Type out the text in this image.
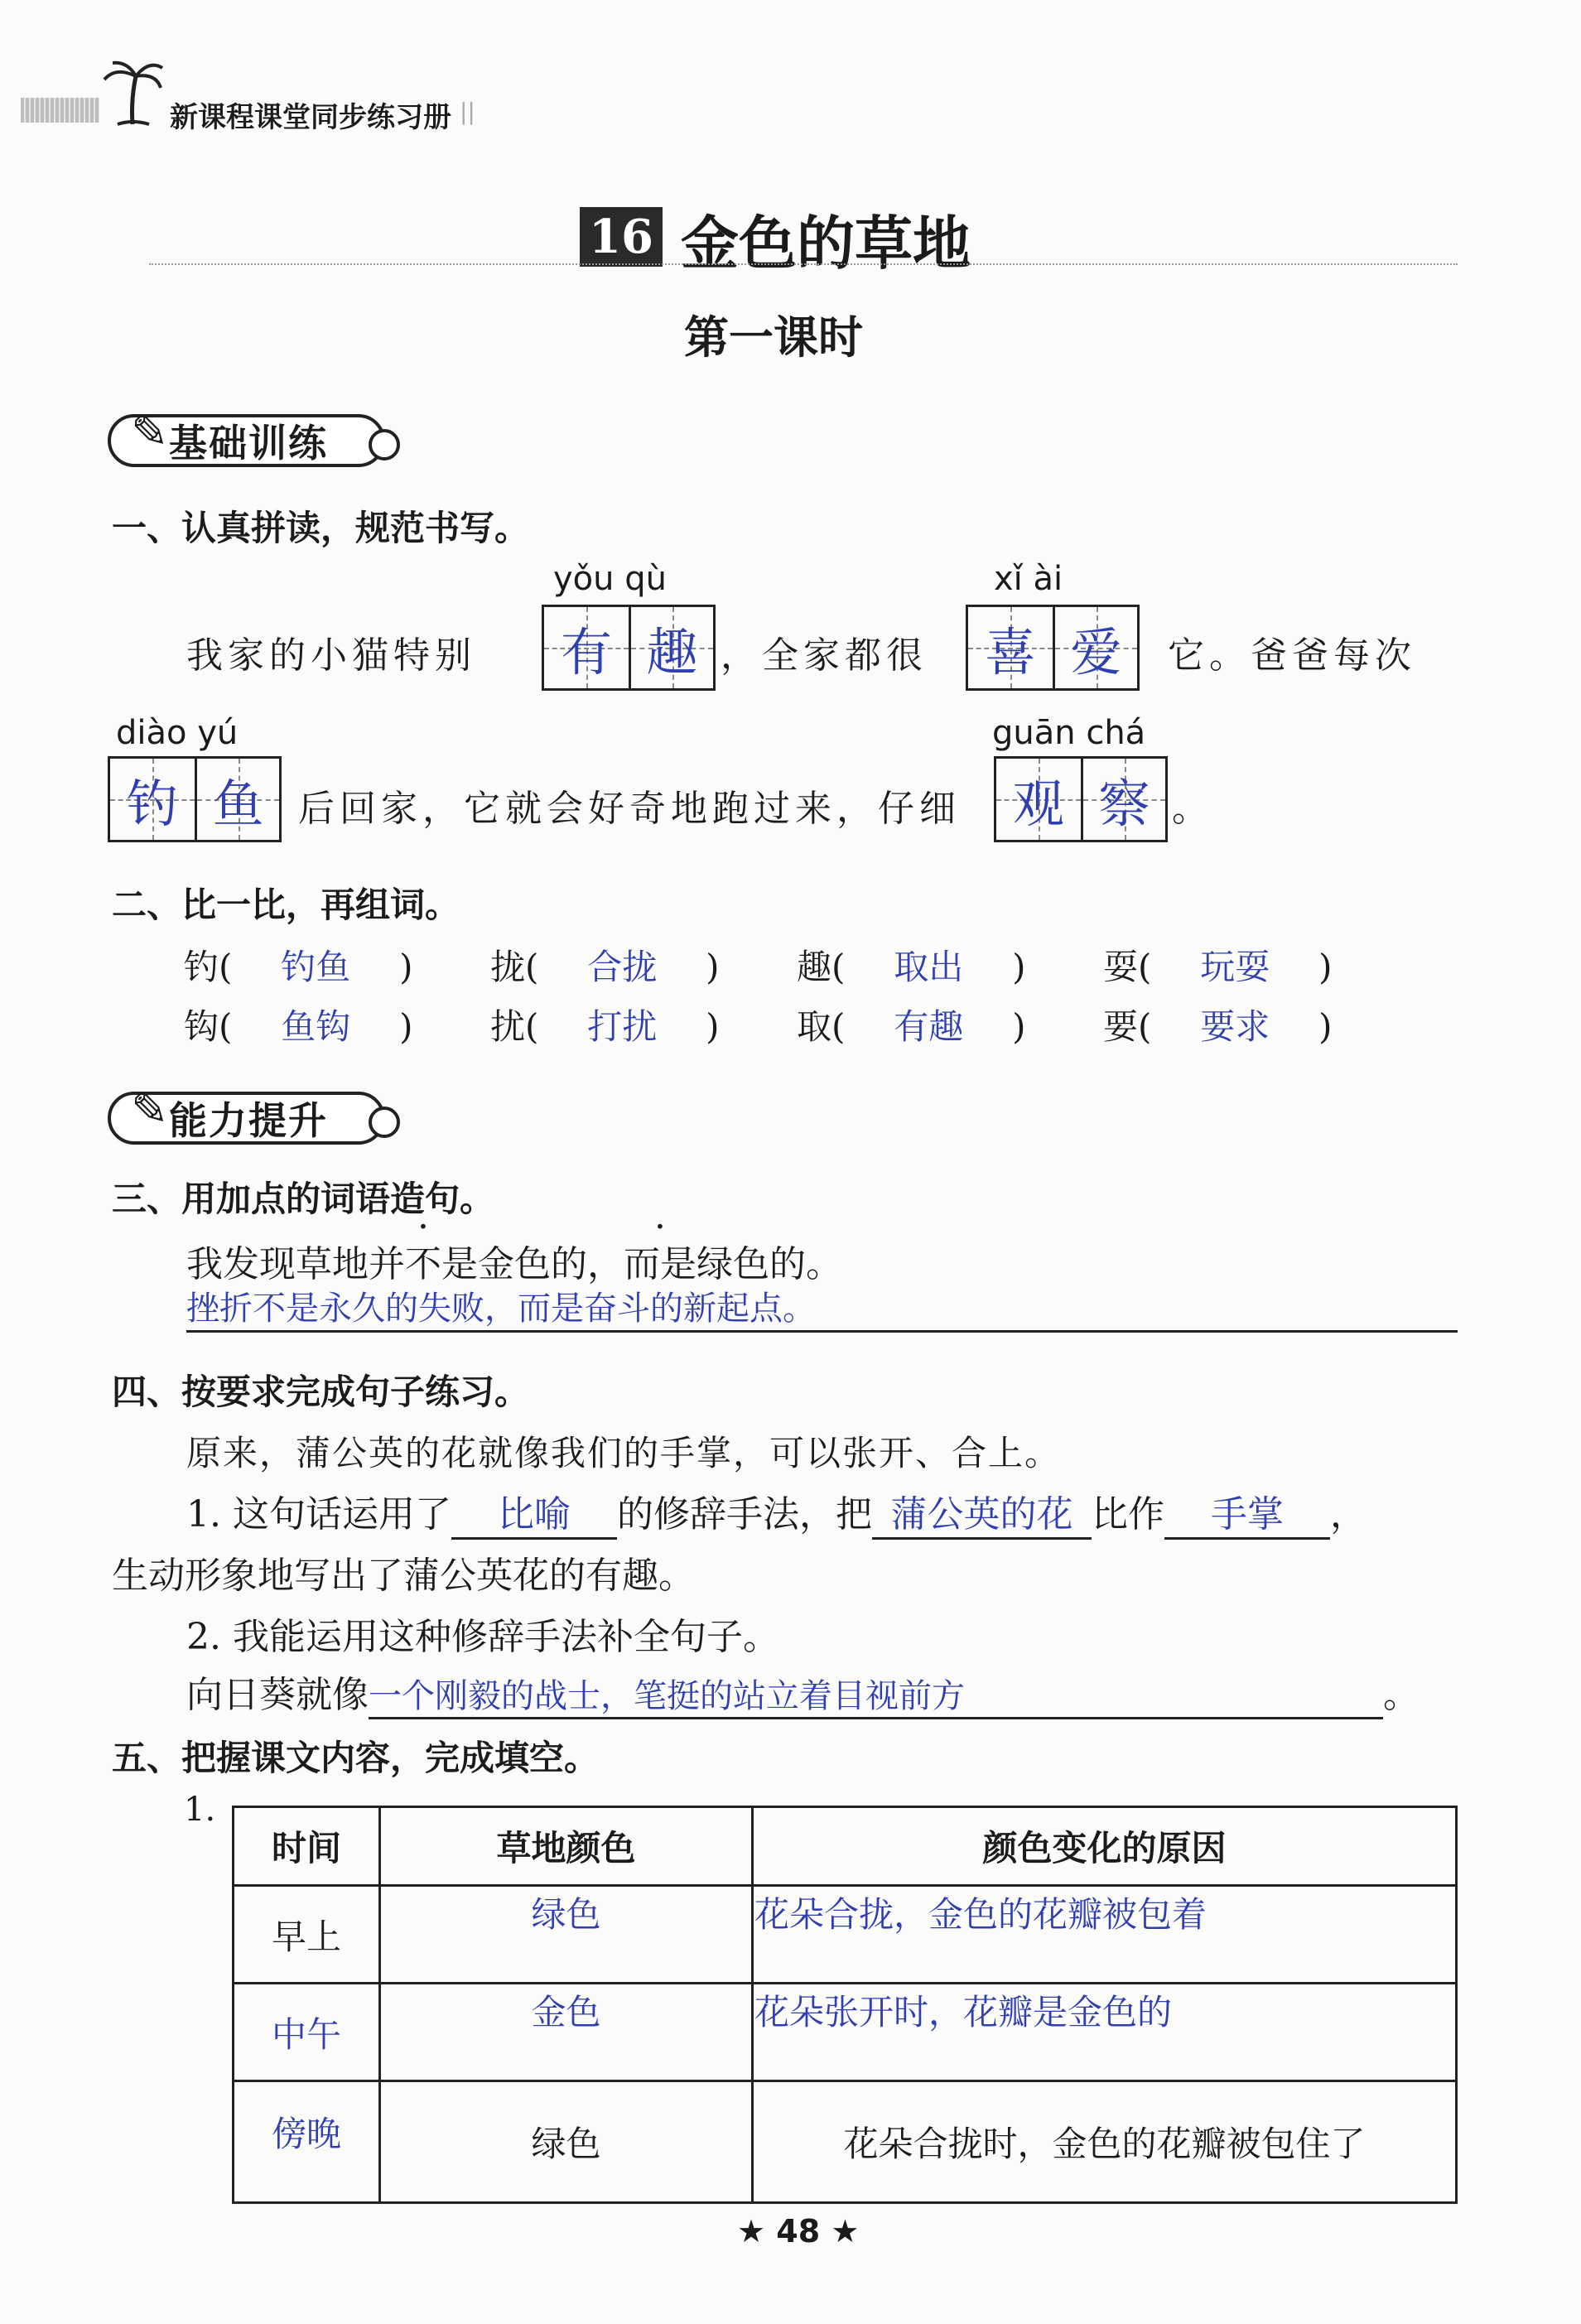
新课程课堂同步练习册 ||
16 金色的草地
第一课时
✎ 基础训练
一、认真拼读，规范书写。
yǒu qù	xǐ ài
diào yú	guān chá
我家的小猫特别 有 趣 ，全家都很 喜 爱 它。爸爸每次
钓 鱼 后回家，它就会好奇地跑过来，仔细 观 察 。
二、比一比，再组词。
钓( 钓鱼 ) 拢( 合拢 ) 趣( 取出 ) 耍( 玩耍 )
钩( 鱼钩 ) 扰( 打扰 ) 取( 有趣 ) 要( 要求 )
✎ 能力提升
三、用加点的词语造句。
我发现草地并不是金色的，而是绿色的。
挫折不是永久的失败，而是奋斗的新起点。
四、按要求完成句子练习。
原来，蒲公英的花就像我们的手掌，可以张开、合上。
1. 这句话运用了 比喻 的修辞手法，把 蒲公英的花 比作 手掌 ，
生动形象地写出了蒲公英花的有趣。
2. 我能运用这种修辞手法补全句子。
向日葵就像一个刚毅的战士，笔挺的站立着目视前方	。
五、把握课文内容，完成填空。
1.
时间	草地颜色	颜色变化的原因
早上	绿色	花朵合拢，金色的花瓣被包着
中午	金色	花朵张开时，花瓣是金色的
傍晚	绿色	花朵合拢时，金色的花瓣被包住了
★ 48 ★
